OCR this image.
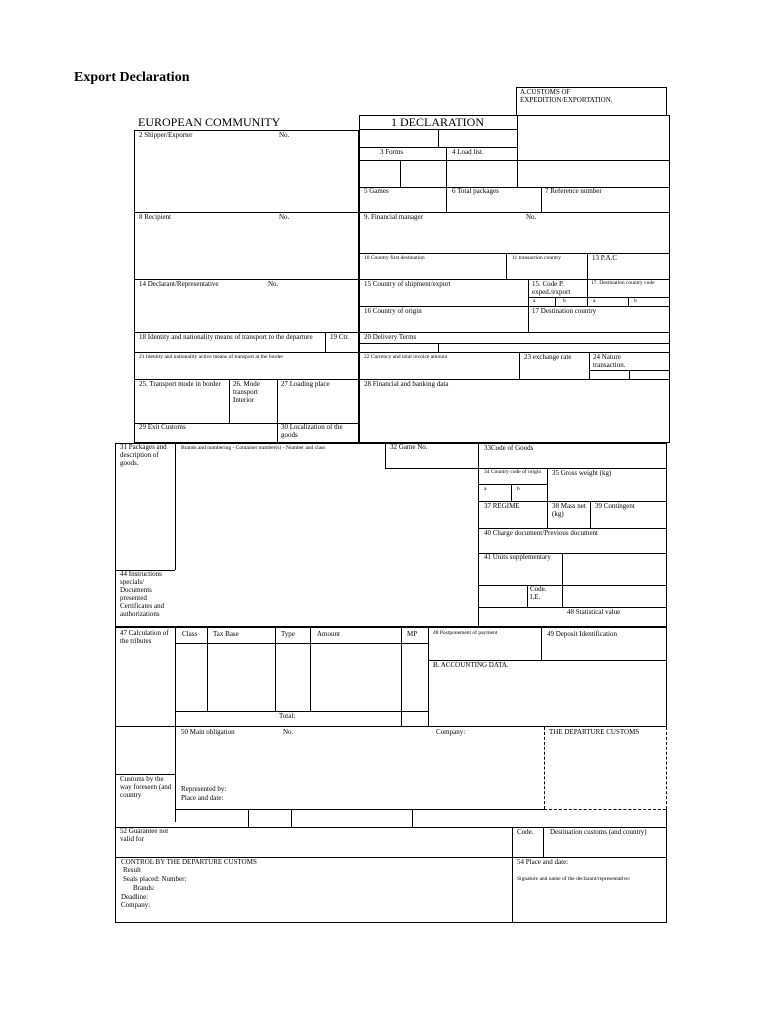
Export Declaration
A.CUSTOMS OF EXPEDITION/EXPORTATION.
EUROPEAN COMMUNITY	1 DECLARATION
3 Forms	4 Load list.
5 Games	6 Total packages	7 Reference number
2 Shipper/Exporter	No.
8 Recipient	No.	9. Financial manager	No.
10 Country first destination	11 transaction country	13 P.A.C
14 Declarant/Representative	No.	15 Country of shipment/export	15. Code P. exped./export
17. Destination country code
a	b	a	b
16 Country of origin	17 Destination country
18 Identity and nationality means of transport to the departure	19 Ctr.	20 Delivery Terms
21 Identity and nationality active means of transport at the border	22 Currency and total invoice amount	23 exchange rate	24 Nature transaction.
25. Transport mode in border	26. Mode transport Interior
27 Loading place	28 Financial and banking data
29 Exit Customs	30 Localization of the goods
31 Packages and description of goods.
Brands and numbering - Container number(s) - Number and class	32 Game No.	33Code of Goods
34 Country code of origin	35 Gross weight (kg)
a	b
37 REGIME	38 Mass net (kg)
39 Contingent
40 Charge document/Previous document
41 Units supplementary
44 Instructions specials/ Documents presented Certificates and authorizations
Code. I.E.
48 Statistical value
47 Calculation of the tributes
Class Tax Base	Type	Amount	MP
Total:
48 Postponement of payment	49 Deposit Identification
B. ACCOUNTING DATA.
50 Main obligation	No.	Company:	THE DEPARTURE CUSTOMS
Customs by the way foreseen (and country
Represented by:
Place and date:
52 Guarantee not valid for
Code. Destination customs (and country)
CONTROL BY THE DEPARTURE CUSTOMS
Result
Seals placed: Number:
Brands:
Deadline:
Company:
54 Place and date:
Signature and name of the declarant/representative:
